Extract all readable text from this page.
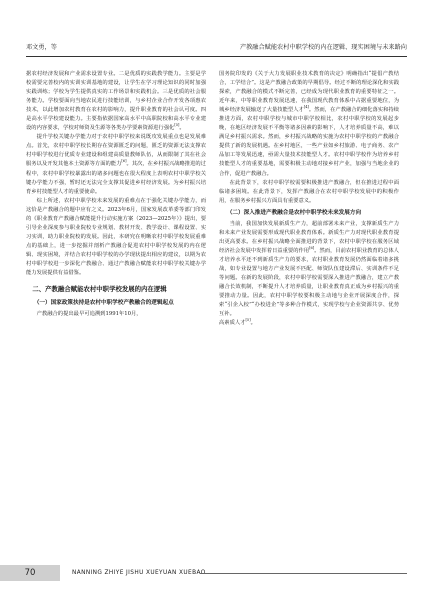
邓文勇，等	产教融合赋能农村中职学校的内在逻辑、现实困境与未来路向

据农村经济发展和产业需求设置专业。二是优质的实践教学能力。主要是学校需要完善校内的实训实训基地的建设，让学生在学习理论知识的同时加强实践训练；学校为学生提供真实的工作场景和实践机会。三是优质的社会服务能力。学校要面向当地农民进行技能培训，与乡村企业合作开发各项惠农技术，以此增加农村教育在农村的影响力，提升职业教育的社会认可度。四是高水平学校建设能力。主要指依据国家高水平中高职院校和高水平专业建设的内容要求，学校对师资及生源等各类办学要素资源进行强化[5]。

提升学校关键办学能力对于农村中职学校来说既攻发展重点也是发展难点。首先，农村中职学校长期存在资源匮乏的问题，匮乏的资源无法支撑农村中职学校进行优质专业建设和组建高质量教师队伍，从而限制了其在社会服务以及开发其他本土资源等方面的能力[6]。其次，在乡村振兴战略推进的过程中，农村中职学校暴露出的诸多问题也在很大程度上表明农村中职学校关键办学能力不强，暂时还无法完全支撑其促进乡村经济发展。为乡村振兴培育乡村技能型人才的重要使命。

综上所述，农村中职学校未来发展的重难点在于强化关键办学能力，而这恰是产教融合的题中应有之义。2023年6月，国家发展改革委等部门印发的《职业教育产教融合赋能提升行动实施方案（2023—2025年）》提出，要引导企业深度参与职业院校专业规划、教材开发、教学设计、课程设置、实习实训，助力职业院校的发展。因此，本研究在明晰农村中职学校发展重难点的基础上，进一步挖掘并剖析产教融合促进农村中职学校发展的内在逻辑、现实困境，并结合农村中职学校的办学现状提出相应的建议，以期为农村中职学校进一步深化产教融合、通过产教融合赋能农村中职学校关键办学能力发展提供有益借鉴。

二、产教融合赋能农村中职学校发展的内在逻辑
（一）国家政策扶持是农村中职学校产教融合的逻辑起点

产教融合的提出最早可追溯到1991年10月，

国务院印发的《关于大力发展职业技术教育的决定》明确指出“提倡产教结合，工学结合”。这是产教融合政策的早期倡导。经过不断的理论深化和实践探索，产教融合的模式不断完善，已经成为现代职业教育的重要特征之一。近年来，中等职业教育发展迅速，在我国现代教育体系中占据重要地位，为城乡经济发展输送了大量技能型人才[4]。然而，在产教融合的细化落实和持续推进方面，农村中职学校与城市中职学校相比，农村中职学校的发展起步晚，在地区经济发展不平衡等诸多因素的影响下，人才培养质量不高，难以满足乡村振兴需求。然而，乡村振兴战略的实施为农村中职学校的产教融合提供了新的发展机遇。在乡村地区，一些产业如乡村旅游、电子商务、农产品加工等发展迅速，亟需大量技术技能型人才。农村中职学校作为培养乡村技能型人才的重要基地，需要积极主动地对接乡村产业，加强与当地企业的合作，促进产教融合。

在此背景下，农村中职学校需要积极推进产教融合，但在推进过程中面临诸多困境。在此背景下，发挥产教融合在农村中职学校发展中的积极作用，在服务乡村振兴方面具有重要意义。

（二）深入推进产教融合是农村中职学校未来发展方向

当前，我国加快发展新质生产力，超前部署未来产业，支撑新质生产力和未来产业发展需要形成现代职业教育体系。新质生产力对现代职业教育提出更高要求。在乡村振兴战略全面推进的背景下，农村中职学校在服务区域经济社会发展中发挥着日益重要的作用[6]。然而，目前农村职业教育的总体人才培养水平还不到新质生产力的要求，农村职业教育发展仍然面临着诸多挑战，如专业设置与地方产业发展不匹配、师资队伍建设滞后、实训条件不足等问题。在新的发展阶段，农村中职学校需要深入推进产教融合，建立产教融合长效机制，不断提升人才培养质量，让职业教育真正成为乡村振兴的重要推动力量。因此，农村中职学校要积极主动地与企业开展深度合作，探索“引企入校”“办校进企”等多种合作模式，实现学校与企业资源共享、优势互补。

高素质人才[5]。

70	NANNING ZHIYE JISHU XUEYUAN XUEBAO
